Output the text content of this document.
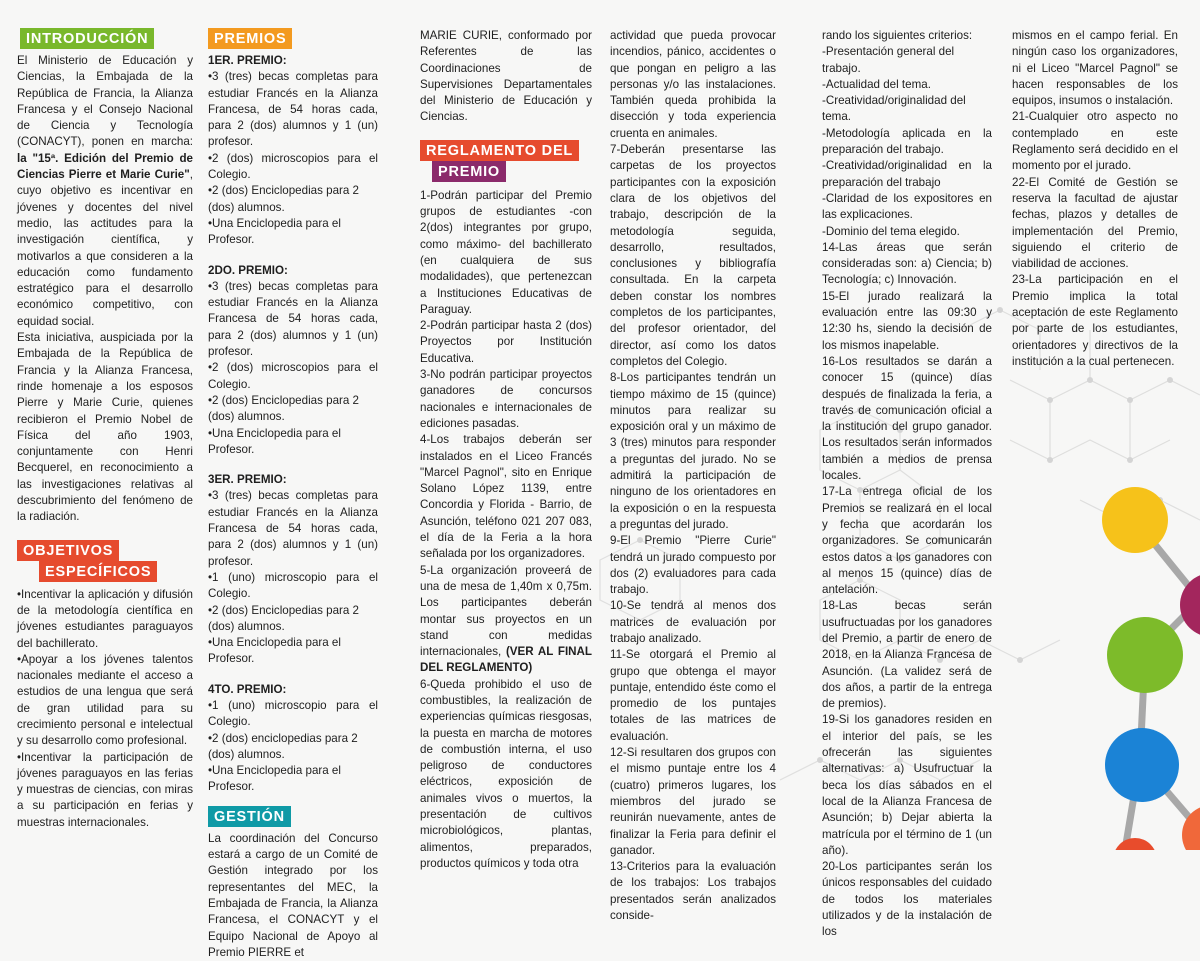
INTRODUCCIÓN

El Ministerio de Educación y Ciencias, la Embajada de la República de Francia, la Alianza Francesa y el Consejo Nacional de Ciencia y Tecnología (CONACYT), ponen en marcha: la "15ª. Edición del Premio de Ciencias Pierre et Marie Curie", cuyo objetivo es incentivar en jóvenes y docentes del nivel medio, las actitudes para la investigación científica, y motivarlos a que consideren a la educación como fundamento estratégico para el desarrollo económico competitivo, con equidad social.

Esta iniciativa, auspiciada por la Embajada de la República de Francia y la Alianza Francesa, rinde homenaje a los esposos Pierre y Marie Curie, quienes recibieron el Premio Nobel de Física del año 1903, conjuntamente con Henri Becquerel, en reconocimiento a las investigaciones relativas al descubrimiento del fenómeno de la radiación.

OBJETIVOS
ESPECÍFICOS

•Incentivar la aplicación y difusión de la metodología científica en jóvenes estudiantes paraguayos del bachillerato.

•Apoyar a los jóvenes talentos nacionales mediante el acceso a estudios de una lengua que será de gran utilidad para su crecimiento personal e intelectual y su desarrollo como profesional.

•Incentivar la participación de jóvenes paraguayos en las ferias y muestras de ciencias, con miras a su participación en ferias y muestras internacionales.

PREMIOS
1ER. PREMIO:

•3 (tres) becas completas para estudiar Francés en la Alianza Francesa, de 54 horas cada, para 2 (dos) alumnos y 1 (un) profesor.

•2 (dos) microscopios para el Colegio.

•2 (dos) Enciclopedias para 2 (dos) alumnos.

•Una Enciclopedia para el Profesor.

2DO. PREMIO:

•3 (tres) becas completas para estudiar Francés en la Alianza Francesa de 54 horas cada, para 2 (dos) alumnos y 1 (un) profesor.

•2 (dos) microscopios para el Colegio.

•2 (dos) Enciclopedias para 2 (dos) alumnos.

•Una Enciclopedia para el Profesor.

3ER. PREMIO:

•3 (tres) becas completas para estudiar Francés en la Alianza Francesa de 54 horas cada, para 2 (dos) alumnos y 1 (un) profesor.

•1 (uno) microscopio para el Colegio.

•2 (dos) Enciclopedias para 2 (dos) alumnos.

•Una Enciclopedia para el Profesor.

4TO. PREMIO:

•1 (uno) microscopio para el Colegio.

•2 (dos) enciclopedias para 2 (dos) alumnos.

•Una Enciclopedia para el Profesor.

GESTIÓN

La coordinación del Concurso estará a cargo de un Comité de Gestión integrado por los representantes del MEC, la Embajada de Francia, la Alianza Francesa, el CONACYT y el Equipo Nacional de Apoyo al Premio PIERRE et

MARIE CURIE, conformado por Referentes de las Coordinaciones de Supervisiones Departamentales del Ministerio de Educación y Ciencias.

REGLAMENTO DEL
PREMIO

1-Podrán participar del Premio grupos de estudiantes -con 2(dos) integrantes por grupo, como máximo- del bachillerato (en cualquiera de sus modalidades), que pertenezcan a Instituciones Educativas de Paraguay.

2-Podrán participar hasta 2 (dos) Proyectos por Institución Educativa.

3-No podrán participar proyectos ganadores de concursos nacionales e internacionales de ediciones pasadas.

4-Los trabajos deberán ser instalados en el Liceo Francés "Marcel Pagnol", sito en Enrique Solano López 1139, entre Concordia y Florida - Barrio, de Asunción, teléfono 021 207 083, el día de la Feria a la hora señalada por los organizadores.

5-La organización proveerá de una de mesa de 1,40m x 0,75m. Los participantes deberán montar sus proyectos en un stand con medidas internacionales, (VER AL FINAL DEL REGLAMENTO)

6-Queda prohibido el uso de combustibles, la realización de experiencias químicas riesgosas, la puesta en marcha de motores de combustión interna, el uso peligroso de conductores eléctricos, exposición de animales vivos o muertos, la presentación de cultivos microbiológicos, plantas, alimentos, preparados, productos químicos y toda otra

actividad que pueda provocar incendios, pánico, accidentes o que pongan en peligro a las personas y/o las instalaciones. También queda prohibida la disección y toda experiencia cruenta en animales.

7-Deberán presentarse las carpetas de los proyectos participantes con la exposición clara de los objetivos del trabajo, descripción de la metodología seguida, desarrollo, resultados, conclusiones y bibliografía consultada. En la carpeta deben constar los nombres completos de los participantes, del profesor orientador, del director, así como los datos completos del Colegio.

8-Los participantes tendrán un tiempo máximo de 15 (quince) minutos para realizar su exposición oral y un máximo de 3 (tres) minutos para responder a preguntas del jurado. No se admitirá la participación de ninguno de los orientadores en la exposición o en la respuesta a preguntas del jurado.

9-El Premio "Pierre Curie" tendrá un jurado compuesto por dos (2) evaluadores para cada trabajo.

10-Se tendrá al menos dos matrices de evaluación por trabajo analizado.

11-Se otorgará el Premio al grupo que obtenga el mayor puntaje, entendido éste como el promedio de los puntajes totales de las matrices de evaluación.

12-Si resultaren dos grupos con el mismo puntaje entre los 4 (cuatro) primeros lugares, los miembros del jurado se reunirán nuevamente, antes de finalizar la Feria para definir el ganador.

13-Criterios para la evaluación de los trabajos: Los trabajos presentados serán analizados conside-

rando los siguientes criterios:

-Presentación general del trabajo.

-Actualidad del tema.

-Creatividad/originalidad del tema.

-Metodología aplicada en la preparación del trabajo.

-Creatividad/originalidad en la preparación del trabajo

-Claridad de los expositores en las explicaciones.

-Dominio del tema elegido.

14-Las áreas que serán consideradas son: a) Ciencia; b) Tecnología; c) Innovación.

15-El jurado realizará la evaluación entre las 09:30 y 12:30 hs, siendo la decisión de los mismos inapelable.

16-Los resultados se darán a conocer 15 (quince) días después de finalizada la feria, a través de comunicación oficial a la institución del grupo ganador. Los resultados serán informados también a medios de prensa locales.

17-La entrega oficial de los Premios se realizará en el local y fecha que acordarán los organizadores. Se comunicarán estos datos a los ganadores con al menos 15 (quince) días de antelación.

18-Las becas serán usufructuadas por los ganadores del Premio, a partir de enero de 2018, en la Alianza Francesa de Asunción. (La validez será de dos años, a partir de la entrega de premios).

19-Si los ganadores residen en el interior del país, se les ofrecerán las siguientes alternativas: a) Usufructuar la beca los días sábados en el local de la Alianza Francesa de Asunción; b) Dejar abierta la matrícula por el término de 1 (un año).

20-Los participantes serán los únicos responsables del cuidado de todos los materiales utilizados y de la instalación de los

mismos en el campo ferial. En ningún caso los organizadores, ni el Liceo "Marcel Pagnol" se hacen responsables de los equipos, insumos o instalación.

21-Cualquier otro aspecto no contemplado en este Reglamento será decidido en el momento por el jurado.

22-El Comité de Gestión se reserva la facultad de ajustar fechas, plazos y detalles de implementación del Premio, siguiendo el criterio de viabilidad de acciones.

23-La participación en el Premio implica la total aceptación de este Reglamento por parte de los estudiantes, orientadores y directivos de la institución a la cual pertenecen.
